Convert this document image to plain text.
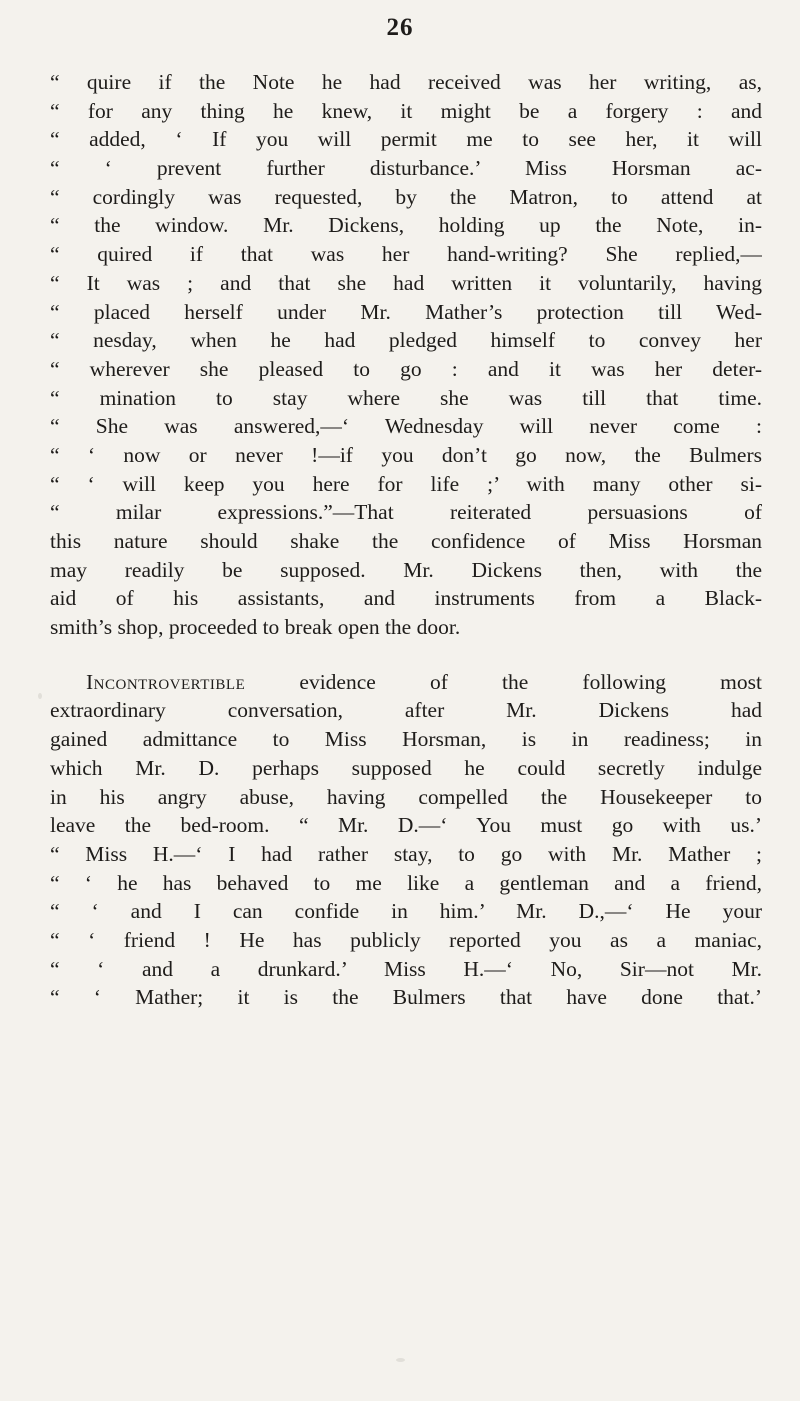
26
“ quire if the Note he had received was her writing, as,
“ for any thing he knew, it might be a forgery : and
“ added, ‘ If you will permit me to see her, it will
“ ‘ prevent further disturbance.’ Miss Horsman ac-
“ cordingly was requested, by the Matron, to attend at
“ the window. Mr. Dickens, holding up the Note, in-
“ quired if that was her hand-writing? She replied,—
“ It was ; and that she had written it voluntarily, having
“ placed herself under Mr. Mather’s protection till Wed-
“ nesday, when he had pledged himself to convey her
“ wherever she pleased to go : and it was her deter-
“ mination to stay where she was till that time.
“ She was answered,—‘ Wednesday will never come :
“ ‘ now or never !—if you don’t go now, the Bulmers
“ ‘ will keep you here for life ;’ with many other si-
“ milar expressions.”—That reiterated persuasions of
this nature should shake the confidence of Miss Horsman
may readily be supposed. Mr. Dickens then, with the
aid of his assistants, and instruments from a Black-
smith’s shop, proceeded to break open the door.
Incontrovertible evidence of the following most
extraordinary conversation, after Mr. Dickens had
gained admittance to Miss Horsman, is in readiness; in
which Mr. D. perhaps supposed he could secretly indulge
in his angry abuse, having compelled the Housekeeper to
leave the bed-room. “ Mr. D.—‘ You must go with us.’
“ Miss H.—‘ I had rather stay, to go with Mr. Mather ;
“ ‘ he has behaved to me like a gentleman and a friend,
“ ‘ and I can confide in him.’ Mr. D.,—‘ He your
“ ‘ friend ! He has publicly reported you as a maniac,
“ ‘ and a drunkard.’ Miss H.—‘ No, Sir—not Mr.
“ ‘ Mather; it is the Bulmers that have done that.’
